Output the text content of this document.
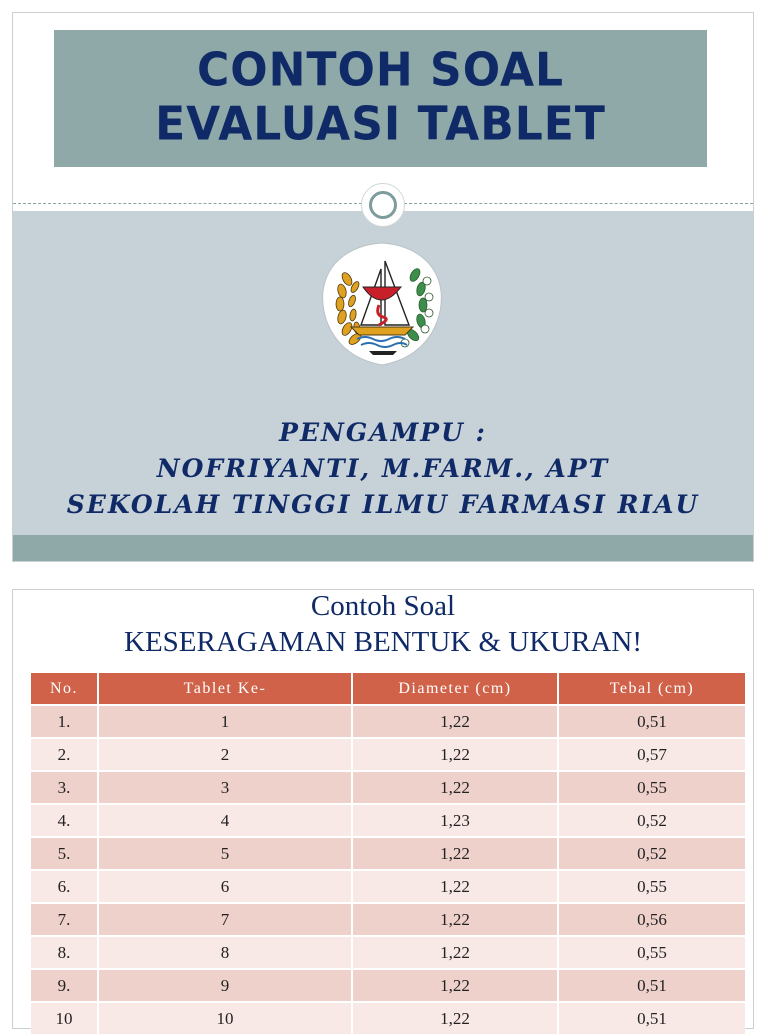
CONTOH SOAL
EVALUASI TABLET
PENGAMPU :
NOFRIYANTI, M.FARM., APT
SEKOLAH TINGGI ILMU FARMASI RIAU
Contoh Soal
KESERAGAMAN BENTUK & UKURAN!
No.	Tablet Ke-	Diameter (cm)	Tebal (cm)
1.	1	1,22	0,51
2.	2	1,22	0,57
3.	3	1,22	0,55
4.	4	1,23	0,52
5.	5	1,22	0,52
6.	6	1,22	0,55
7.	7	1,22	0,56
8.	8	1,22	0,55
9.	9	1,22	0,51
10	10	1,22	0,51
